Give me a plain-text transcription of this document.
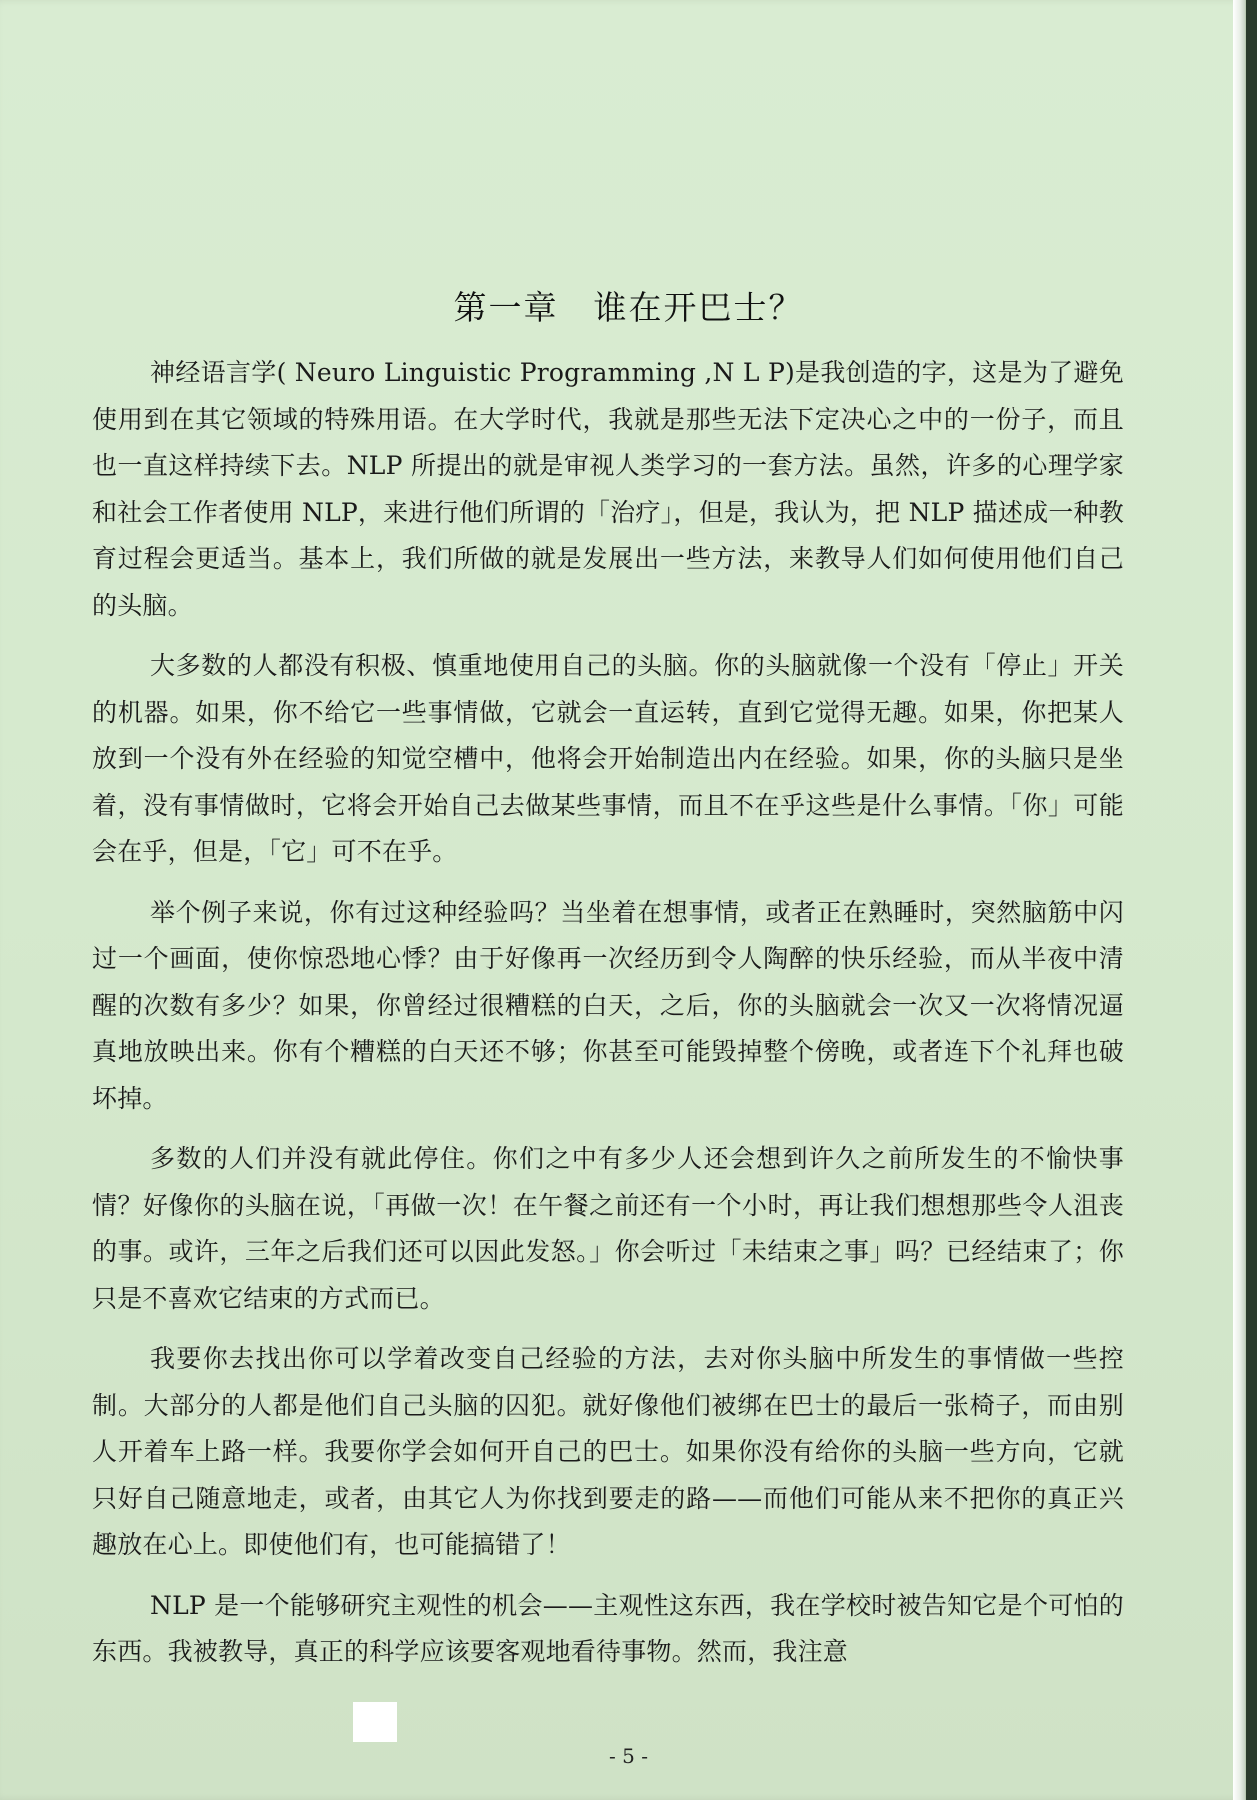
第一章　谁在开巴士？

神经语言学( Neuro Linguistic Programming ,N L P)是我创造的字，这是为了避免使用到在其它领域的特殊用语。在大学时代，我就是那些无法下定决心之中的一份子，而且也一直这样持续下去。NLP 所提出的就是审视人类学习的一套方法。虽然，许多的心理学家和社会工作者使用 NLP，来进行他们所谓的「治疗」，但是，我认为，把 NLP 描述成一种教育过程会更适当。基本上，我们所做的就是发展出一些方法，来教导人们如何使用他们自己的头脑。

大多数的人都没有积极、慎重地使用自己的头脑。你的头脑就像一个没有「停止」开关的机器。如果，你不给它一些事情做，它就会一直运转，直到它觉得无趣。如果，你把某人放到一个没有外在经验的知觉空槽中，他将会开始制造出内在经验。如果，你的头脑只是坐着，没有事情做时，它将会开始自己去做某些事情，而且不在乎这些是什么事情。「你」可能会在乎，但是，「它」可不在乎。

举个例子来说，你有过这种经验吗？当坐着在想事情，或者正在熟睡时，突然脑筋中闪过一个画面，使你惊恐地心悸？由于好像再一次经历到令人陶醉的快乐经验，而从半夜中清醒的次数有多少？如果，你曾经过很糟糕的白天，之后，你的头脑就会一次又一次将情况逼真地放映出来。你有个糟糕的白天还不够；你甚至可能毁掉整个傍晚，或者连下个礼拜也破坏掉。

多数的人们并没有就此停住。你们之中有多少人还会想到许久之前所发生的不愉快事情？好像你的头脑在说，「再做一次！在午餐之前还有一个小时，再让我们想想那些令人沮丧的事。或许，三年之后我们还可以因此发怒。」你会听过「未结束之事」吗？已经结束了；你只是不喜欢它结束的方式而已。

我要你去找出你可以学着改变自己经验的方法，去对你头脑中所发生的事情做一些控制。大部分的人都是他们自己头脑的囚犯。就好像他们被绑在巴士的最后一张椅子，而由别人开着车上路一样。我要你学会如何开自己的巴士。如果你没有给你的头脑一些方向，它就只好自己随意地走，或者，由其它人为你找到要走的路——而他们可能从来不把你的真正兴趣放在心上。即使他们有，也可能搞错了！

NLP 是一个能够研究主观性的机会——主观性这东西，我在学校时被告知它是个可怕的东西。我被教导，真正的科学应该要客观地看待事物。然而，我注意

- 5 -
